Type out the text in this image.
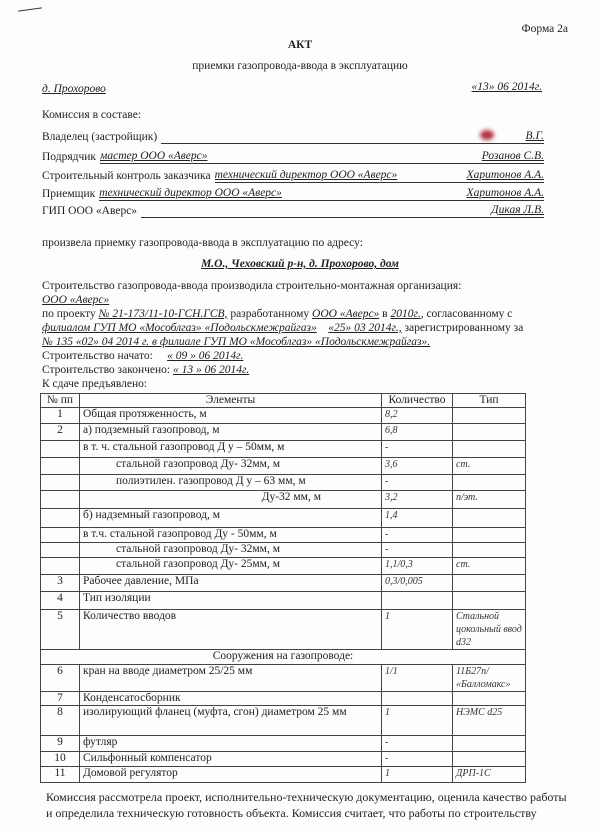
Форма 2а
АКТ
приемки газопровода-ввода в эксплуатацию
д. Прохорово	«13» 06 2014г.
Комиссия в составе:
Владелец (застройщик)	В.Г.
Подрядчик мастер ООО «Аверс»	Розанов С.В.
Строительный контроль заказчика технический директор ООО «Аверс»	Харитонов А.А.
Приемщик технический директор ООО «Аверс»	Харитонов А.А.
ГИП ООО «Аверс»	Дикая Л.В.
произвела приемку газопровода-ввода в эксплуатацию по адресу:
М.О., Чеховский р-н, д. Прохорово, дом
Строительство газопровода-ввода производила строительно-монтажная организация:
ООО «Аверс»
по проекту № 21-173/11-10-ГСН.ГСВ, разработанному ООО «Аверс» в 2010г., согласованному с
филиалом ГУП МО «Мособлгаз» «Подольскмежрайгаз» «25» 03 2014г., зарегистрированному за
№ 135 «02» 04 2014 г. в филиале ГУП МО «Мособлгаз» «Подольскмежрайгаз».
Строительство начато: « 09 » 06 2014г.
Строительство закончено: « 13 » 06 2014г.
К сдаче предъявлено:
№ пп	Элементы	Количество	Тип
1	Общая протяженность, м	8,2	
2	а) подземный газопровод, м	6,8	
	в т. ч. стальной газопровод Д у – 50мм, м	-	
	стальной газопровод Ду- 32мм, м	3,6	ст.
	полиэтилен. газопровод Д у – 63 мм, м	-	
	Ду-32 мм, м	3,2	п/эт.
	б) надземный газопровод, м	1,4	
	в т.ч. стальной газопровод Ду - 50мм, м	-	
	стальной газопровод Ду- 32мм, м	-	
	стальной газопровод Ду- 25мм, м	1,1/0,3	ст.
3	Рабочее давление, МПа	0,3/0,005	
4	Тип изоляции		
5	Количество вводов	1	Стальной цокольный ввод d32
Сооружения на газопроводе:			
6	кран на вводе диаметром 25/25 мм	1/1	11Б27п/ «Балломакс»
7	Конденсатосборник		
8	изолирующий фланец (муфта, сгон) диаметром 25 мм	1	НЭМС d25
9	футляр	-	
10	Сильфонный компенсатор	-	
11	Домовой регулятор	1	ДРП-1С
Комиссия рассмотрела проект, исполнительно-техническую документацию, оценила качество работы
и определила техническую готовность объекта. Комиссия считает, что работы по строительству
